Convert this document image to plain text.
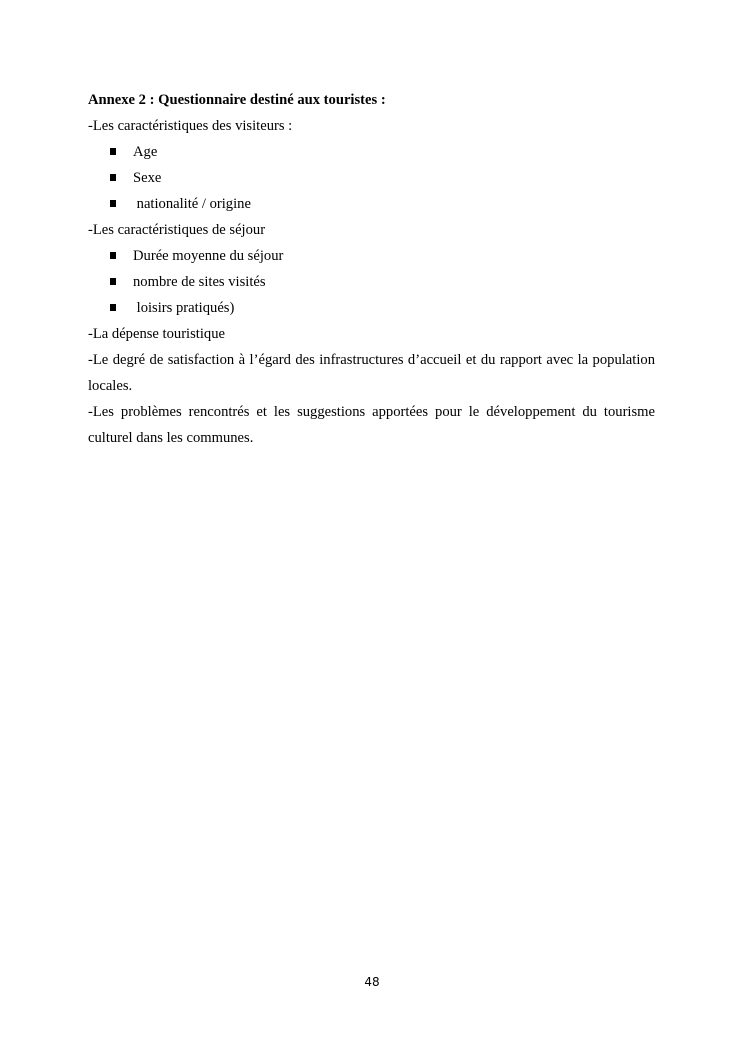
Annexe 2 : Questionnaire destiné aux touristes :

-Les caractéristiques des visiteurs :

Age
Sexe
nationalité / origine

-Les caractéristiques de séjour

Durée moyenne du séjour
nombre de sites visités
loisirs pratiqués)

-La dépense touristique

-Le degré de satisfaction à l’égard des infrastructures d’accueil et du rapport avec la population locales.

-Les problèmes rencontrés et les suggestions apportées pour le développement du tourisme culturel dans les communes.

48
